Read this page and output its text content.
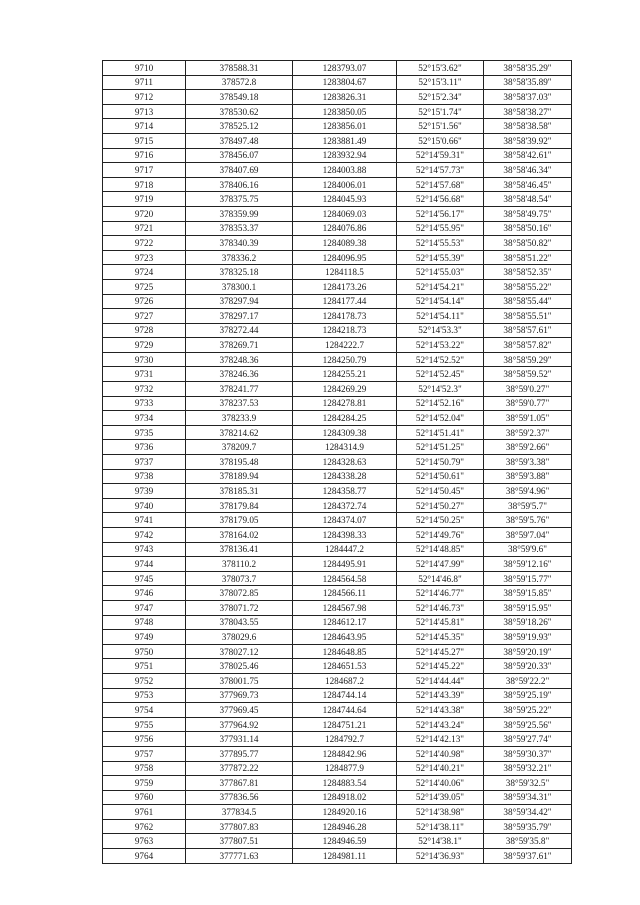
9710	378588.31	1283793.07	52°15'3.62"	38°58'35.29"
9711	378572.8	1283804.67	52°15'3.11"	38°58'35.89"
9712	378549.18	1283826.31	52°15'2.34"	38°58'37.03"
9713	378530.62	1283850.05	52°15'1.74"	38°58'38.27"
9714	378525.12	1283856.01	52°15'1.56"	38°58'38.58"
9715	378497.48	1283881.49	52°15'0.66"	38°58'39.92"
9716	378456.07	1283932.94	52°14'59.31"	38°58'42.61"
9717	378407.69	1284003.88	52°14'57.73"	38°58'46.34"
9718	378406.16	1284006.01	52°14'57.68"	38°58'46.45"
9719	378375.75	1284045.93	52°14'56.68"	38°58'48.54"
9720	378359.99	1284069.03	52°14'56.17"	38°58'49.75"
9721	378353.37	1284076.86	52°14'55.95"	38°58'50.16"
9722	378340.39	1284089.38	52°14'55.53"	38°58'50.82"
9723	378336.2	1284096.95	52°14'55.39"	38°58'51.22"
9724	378325.18	1284118.5	52°14'55.03"	38°58'52.35"
9725	378300.1	1284173.26	52°14'54.21"	38°58'55.22"
9726	378297.94	1284177.44	52°14'54.14"	38°58'55.44"
9727	378297.17	1284178.73	52°14'54.11"	38°58'55.51"
9728	378272.44	1284218.73	52°14'53.3"	38°58'57.61"
9729	378269.71	1284222.7	52°14'53.22"	38°58'57.82"
9730	378248.36	1284250.79	52°14'52.52"	38°58'59.29"
9731	378246.36	1284255.21	52°14'52.45"	38°58'59.52"
9732	378241.77	1284269.29	52°14'52.3"	38°59'0.27"
9733	378237.53	1284278.81	52°14'52.16"	38°59'0.77"
9734	378233.9	1284284.25	52°14'52.04"	38°59'1.05"
9735	378214.62	1284309.38	52°14'51.41"	38°59'2.37"
9736	378209.7	1284314.9	52°14'51.25"	38°59'2.66"
9737	378195.48	1284328.63	52°14'50.79"	38°59'3.38"
9738	378189.94	1284338.28	52°14'50.61"	38°59'3.88"
9739	378185.31	1284358.77	52°14'50.45"	38°59'4.96"
9740	378179.84	1284372.74	52°14'50.27"	38°59'5.7"
9741	378179.05	1284374.07	52°14'50.25"	38°59'5.76"
9742	378164.02	1284398.33	52°14'49.76"	38°59'7.04"
9743	378136.41	1284447.2	52°14'48.85"	38°59'9.6"
9744	378110.2	1284495.91	52°14'47.99"	38°59'12.16"
9745	378073.7	1284564.58	52°14'46.8"	38°59'15.77"
9746	378072.85	1284566.11	52°14'46.77"	38°59'15.85"
9747	378071.72	1284567.98	52°14'46.73"	38°59'15.95"
9748	378043.55	1284612.17	52°14'45.81"	38°59'18.26"
9749	378029.6	1284643.95	52°14'45.35"	38°59'19.93"
9750	378027.12	1284648.85	52°14'45.27"	38°59'20.19"
9751	378025.46	1284651.53	52°14'45.22"	38°59'20.33"
9752	378001.75	1284687.2	52°14'44.44"	38°59'22.2"
9753	377969.73	1284744.14	52°14'43.39"	38°59'25.19"
9754	377969.45	1284744.64	52°14'43.38"	38°59'25.22"
9755	377964.92	1284751.21	52°14'43.24"	38°59'25.56"
9756	377931.14	1284792.7	52°14'42.13"	38°59'27.74"
9757	377895.77	1284842.96	52°14'40.98"	38°59'30.37"
9758	377872.22	1284877.9	52°14'40.21"	38°59'32.21"
9759	377867.81	1284883.54	52°14'40.06"	38°59'32.5"
9760	377836.56	1284918.02	52°14'39.05"	38°59'34.31"
9761	377834.5	1284920.16	52°14'38.98"	38°59'34.42"
9762	377807.83	1284946.28	52°14'38.11"	38°59'35.79"
9763	377807.51	1284946.59	52°14'38.1"	38°59'35.8"
9764	377771.63	1284981.11	52°14'36.93"	38°59'37.61"
